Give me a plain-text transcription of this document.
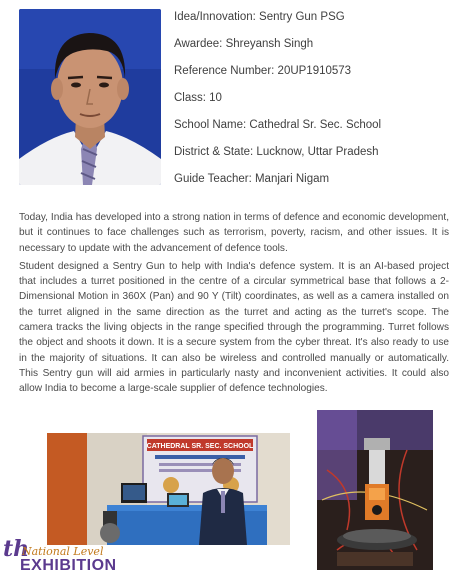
Idea/Innovation: Sentry Gun PSG
Awardee: Shreyansh Singh
Reference Number: 20UP1910573
Class: 10
School Name: Cathedral Sr. Sec. School
District & State: Lucknow, Uttar Pradesh
Guide Teacher: Manjari Nigam

Today, India has developed into a strong nation in terms of defence and economic development, but it continues to face challenges such as terrorism, poverty, racism, and other issues. It is necessary to update with the advancement of defence tools.

Student designed a Sentry Gun to help with India's defence system. It is an AI-based project that includes a turret positioned in the centre of a circular symmetrical base that follows a 2-Dimensional Motion in 360X (Pan) and 90 Y (Tilt) coordinates, as well as a camera installed on the turret aligned in the same direction as the turret and acting as the turret's scope. The camera tracks the living objects in the range specified through the programming. Turret follows the object and shoots it down. It is a secure system from the cyber threat. It's also ready to use in the majority of situations. It can also be wireless and controlled manually or automatically. This Sentry gun will aid armies in particularly nasty and inconvenient activities. It could also allow India to become a large-scale supplier of defence technologies.

CATHEDRAL SR. SEC. SCHOOL
th
National Level
EXHIBITION
